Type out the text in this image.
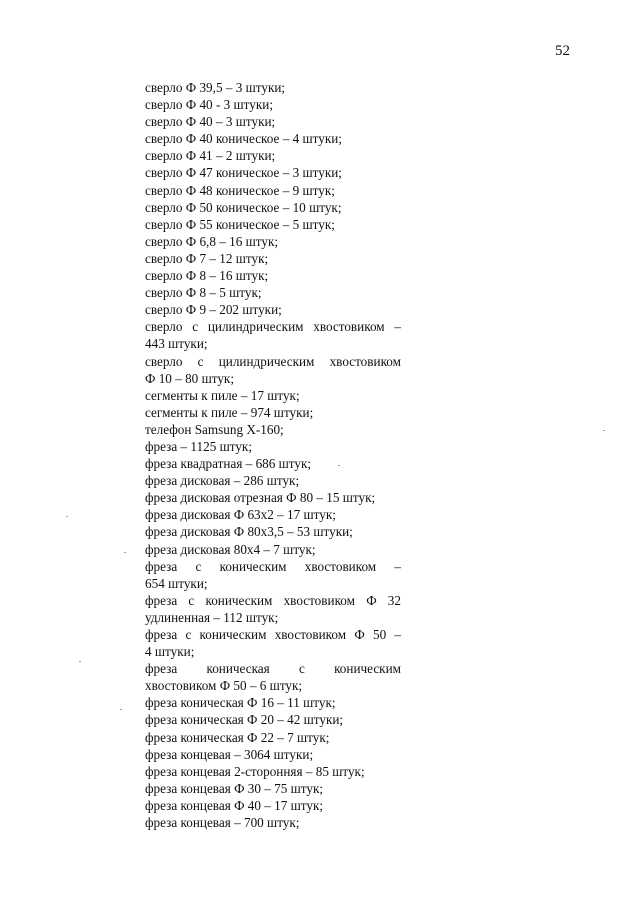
52
сверло Ф 39,5 – 3 штуки;
сверло Ф 40 - 3 штуки;
сверло Ф 40 – 3 штуки;
сверло Ф 40 коническое – 4 штуки;
сверло Ф 41 – 2 штуки;
сверло Ф 47 коническое – 3 штуки;
сверло Ф 48 коническое – 9 штук;
сверло Ф 50 коническое – 10 штук;
сверло Ф 55 коническое – 5 штук;
сверло Ф 6,8 – 16 штук;
сверло Ф 7 – 12 штук;
сверло Ф 8 – 16 штук;
сверло Ф 8 – 5 штук;
сверло Ф 9 – 202 штуки;
сверло с цилиндрическим хвостовиком –
443 штуки;
сверло с цилиндрическим хвостовиком
Ф 10 – 80 штук;
сегменты к пиле – 17 штук;
сегменты к пиле – 974 штуки;
телефон Samsung X-160;
фреза – 1125 штук;
фреза квадратная – 686 штук;
фреза дисковая – 286 штук;
фреза дисковая отрезная Ф 80 – 15 штук;
фреза дисковая Ф 63х2 – 17 штук;
фреза дисковая Ф 80х3,5 – 53 штуки;
фреза дисковая 80х4 – 7 штук;
фреза с коническим хвостовиком –
654 штуки;
фреза с коническим хвостовиком Ф 32
удлиненная – 112 штук;
фреза с коническим хвостовиком Ф 50 –
4 штуки;
фреза коническая с коническим
хвостовиком Ф 50 – 6 штук;
фреза коническая Ф 16 – 11 штук;
фреза коническая Ф 20 – 42 штуки;
фреза коническая Ф 22 – 7 штук;
фреза концевая – 3064 штуки;
фреза концевая 2-сторонняя – 85 штук;
фреза концевая Ф 30 – 75 штук;
фреза концевая Ф 40 – 17 штук;
фреза концевая – 700 штук;
